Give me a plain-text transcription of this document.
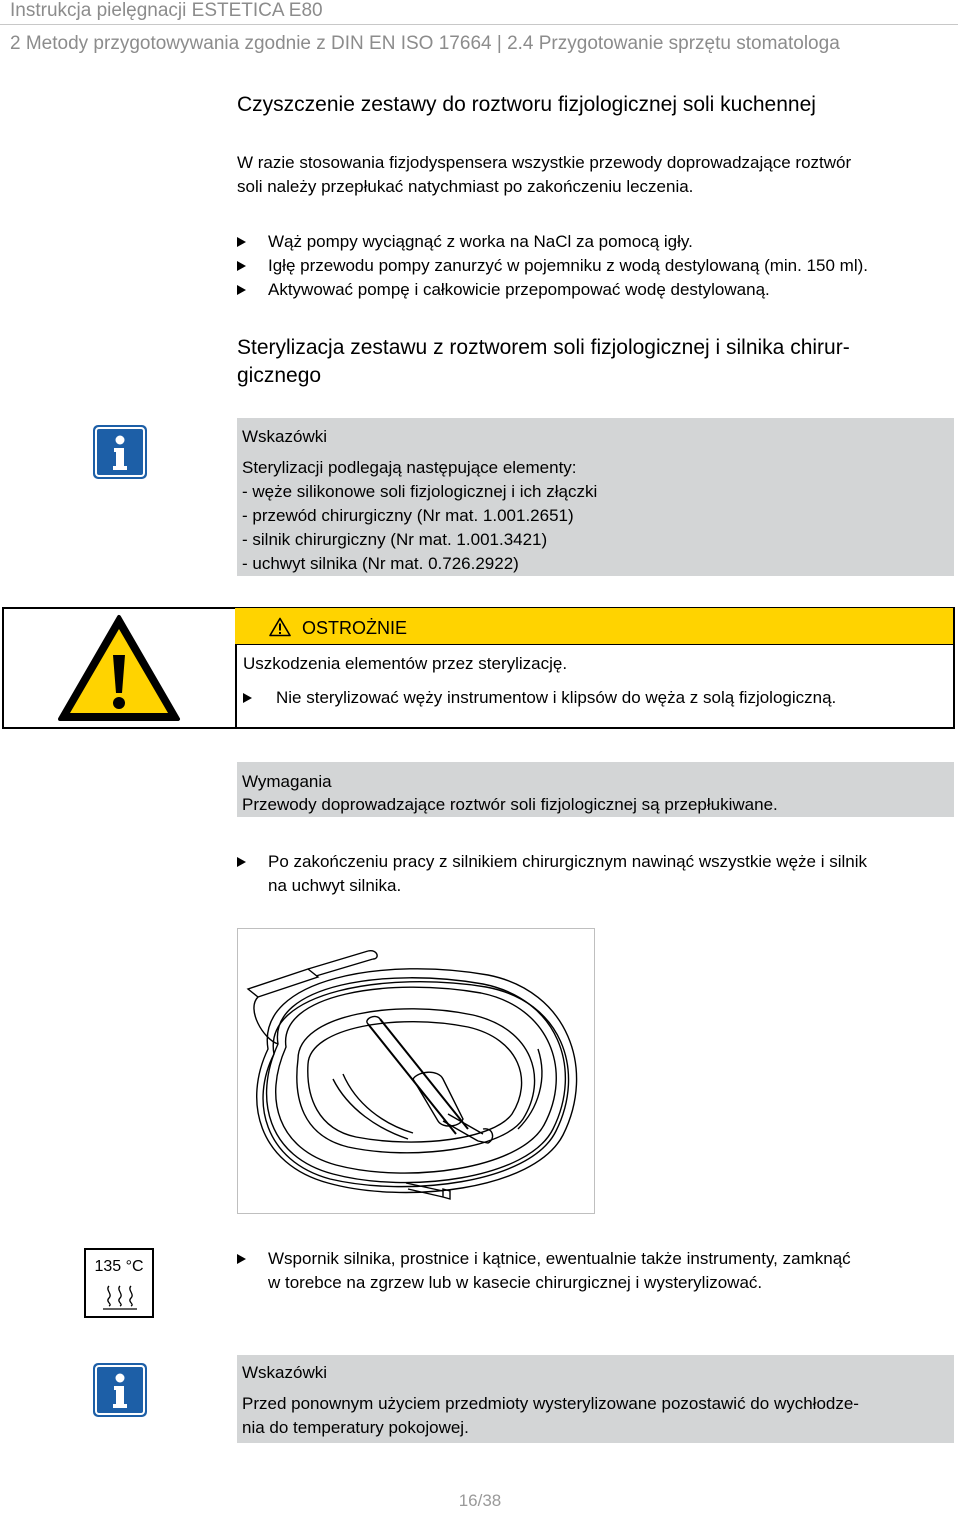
Instrukcja pielęgnacji ESTETICA E80
2 Metody przygotowywania zgodnie z DIN EN ISO 17664 | 2.4 Przygotowanie sprzętu stomatologa
Czyszczenie zestawy do roztworu fizjologicznej soli kuchennej
W razie stosowania fizjodyspensera wszystkie przewody doprowadzające roztwór
soli należy przepłukać natychmiast po zakończeniu leczenia.
Wąż pompy wyciągnąć z worka na NaCl za pomocą igły.
Igłę przewodu pompy zanurzyć w pojemniku z wodą destylowaną (min. 150 ml).
Aktywować pompę i całkowicie przepompować wodę destylowaną.
Sterylizacja zestawu z roztworem soli fizjologicznej i silnika chirur-
gicznego
Wskazówki
Sterylizacji podlegają następujące elementy:
- węże silikonowe soli fizjologicznej i ich złączki
- przewód chirurgiczny (Nr mat. 1.001.2651)
- silnik chirurgiczny (Nr mat. 1.001.3421)
- uchwyt silnika (Nr mat. 0.726.2922)
OSTROŻNIE
Uszkodzenia elementów przez sterylizację.
Nie sterylizować węży instrumentow i klipsów do węża z solą fizjologiczną.
Wymagania
Przewody doprowadzające roztwór soli fizjologicznej są przepłukiwane.
Po zakończeniu pracy z silnikiem chirurgicznym nawinąć wszystkie węże i silnik
na uchwyt silnika.
135 °C	Wspornik silnika, prostnice i kątnice, ewentualnie także instrumenty, zamknąć
w torebce na zgrzew lub w kasecie chirurgicznej i wysterylizować.
Wskazówki
Przed ponownym użyciem przedmioty wysterylizowane pozostawić do wychłodze-
nia do temperatury pokojowej.
16/38
